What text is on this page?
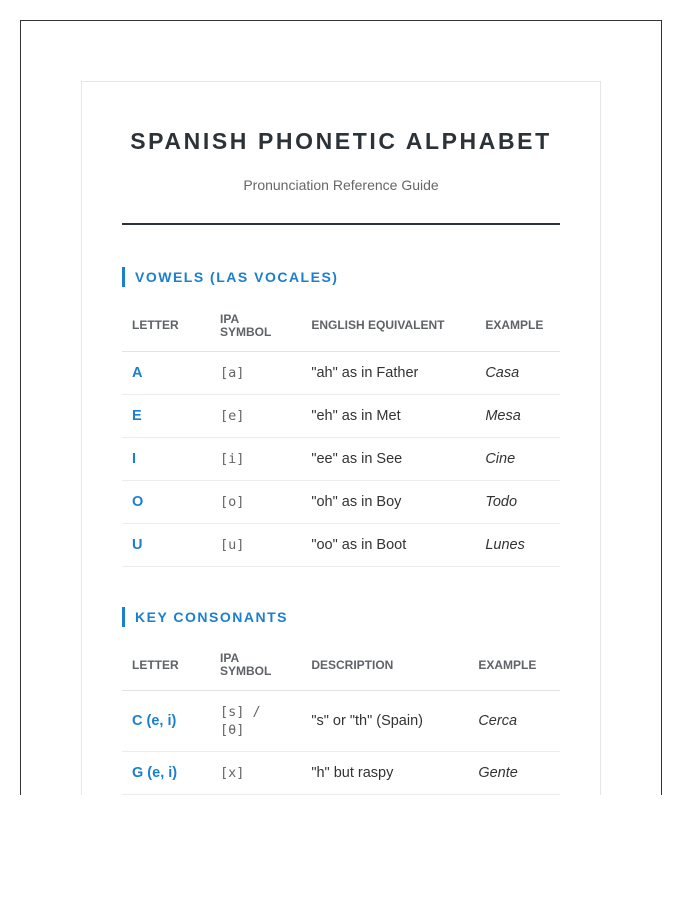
SPANISH PHONETIC ALPHABET
Pronunciation Reference Guide
VOWELS (LAS VOCALES)
LETTER	IPA SYMBOL	ENGLISH EQUIVALENT	EXAMPLE
A	[a]	"ah" as in Father	Casa
E	[e]	"eh" as in Met	Mesa
I	[i]	"ee" as in See	Cine
O	[o]	"oh" as in Boy	Todo
U	[u]	"oo" as in Boot	Lunes
KEY CONSONANTS
LETTER	IPA SYMBOL	DESCRIPTION	EXAMPLE
C (e, i)	[s] / [θ]	"s" or "th" (Spain)	Cerca
G (e, i)	[x]	"h" but raspy	Gente
